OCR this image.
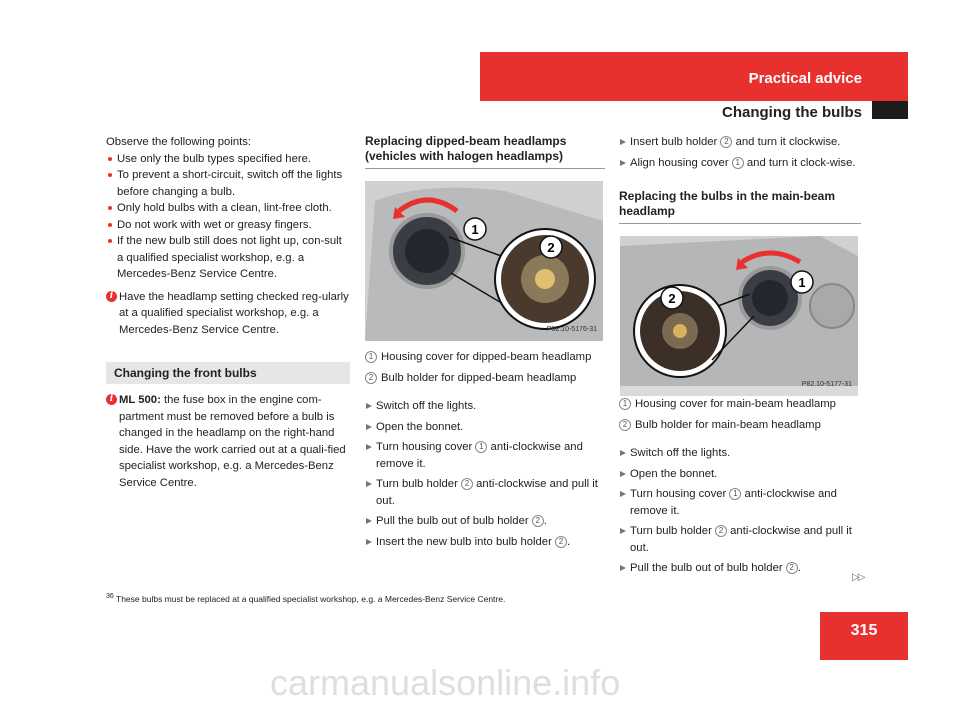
Practical advice
Changing the bulbs

Observe the following points:

Use only the bulb types specified here.

To prevent a short-circuit, switch off the lights before changing a bulb.

Only hold bulbs with a clean, lint-free cloth.

Do not work with wet or greasy fingers.

If the new bulb still does not light up, con-sult a qualified specialist workshop, e.g. a Mercedes-Benz Service Centre.

i Have the headlamp setting checked reg-ularly at a qualified specialist workshop, e.g. a Mercedes-Benz Service Centre.
Changing the front bulbs
i ML 500: the fuse box in the engine com-partment must be removed before a bulb is changed in the headlamp on the right-hand side. Have the work carried out at a quali-fied specialist workshop, e.g. a Mercedes-Benz Service Centre.
Replacing dipped-beam headlamps (vehicles with halogen headlamps)
1
2
P82.10-5176-31

1 Housing cover for dipped-beam headlamp

2 Bulb holder for dipped-beam headlamp

Switch off the lights.

Open the bonnet.

Turn housing cover 1 anti-clockwise and remove it.

Turn bulb holder 2 anti-clockwise and pull it out.

Pull the bulb out of bulb holder 2 .

Insert the new bulb into bulb holder 2 .

Insert bulb holder 2 and turn it clockwise.

Align housing cover 1 and turn it clock-wise.

Replacing the bulbs in the main-beam headlamp
1
2
P82.10-5177-31

1 Housing cover for main-beam headlamp

2 Bulb holder for main-beam headlamp

Switch off the lights.

Open the bonnet.

Turn housing cover 1 anti-clockwise and remove it.

Turn bulb holder 2 anti-clockwise and pull it out.

Pull the bulb out of bulb holder 2 .

▷▷
$^{36}$ These bulbs must be replaced at a qualified specialist workshop, e.g. a Mercedes-Benz Service Centre.
315
carmanualsonline.info
